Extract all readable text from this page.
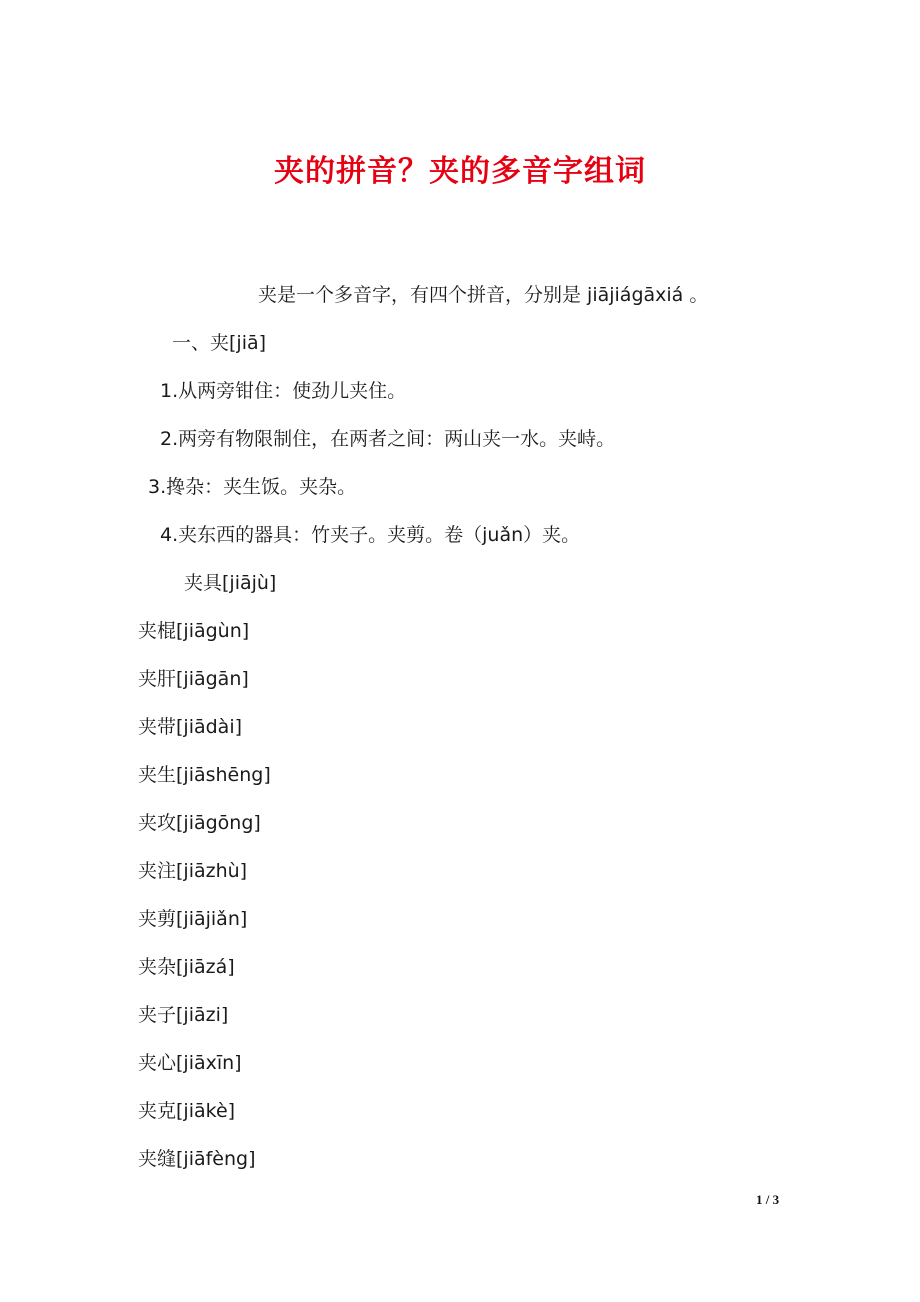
夹的拼音？夹的多音字组词
夹是一个多音字，有四个拼音，分别是 jiājiágāxiá 。
一、夹[jiā]
1.从两旁钳住：使劲儿夹住。
2.两旁有物限制住，在两者之间：两山夹一水。夹峙。
3.搀杂：夹生饭。夹杂。
4.夹东西的器具：竹夹子。夹剪。卷（juǎn）夹。
夹具[jiājù]
夹棍[jiāgùn]
夹肝[jiāgān]
夹带[jiādài]
夹生[jiāshēng]
夹攻[jiāgōng]
夹注[jiāzhù]
夹剪[jiājiǎn]
夹杂[jiāzá]
夹子[jiāzi]
夹心[jiāxīn]
夹克[jiākè]
夹缝[jiāfèng]
1 / 3
